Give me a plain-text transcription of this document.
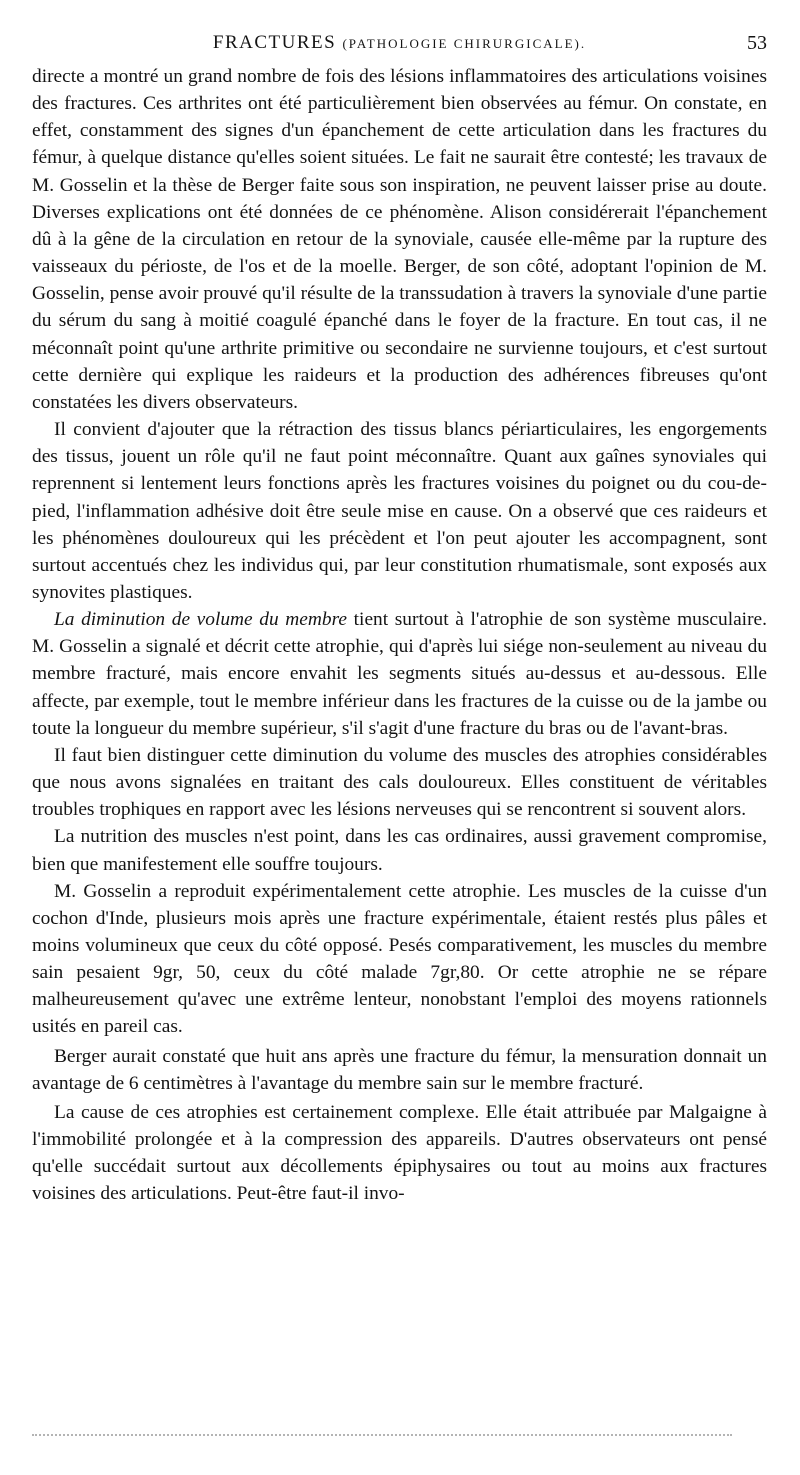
FRACTURES (PATHOLOGIE CHIRURGICALE).	53

directe a montré un grand nombre de fois des lésions inflammatoires des articulations voisines des fractures. Ces arthrites ont été particulièrement bien observées au fémur. On constate, en effet, constamment des signes d'un épanchement de cette articulation dans les fractures du fémur, à quelque distance qu'elles soient situées. Le fait ne saurait être contesté; les travaux de M. Gosselin et la thèse de Berger faite sous son inspiration, ne peuvent laisser prise au doute. Diverses explications ont été données de ce phénomène. Alison considérerait l'épanchement dû à la gêne de la circulation en retour de la synoviale, causée elle-même par la rupture des vaisseaux du périoste, de l'os et de la moelle. Berger, de son côté, adoptant l'opinion de M. Gosselin, pense avoir prouvé qu'il résulte de la transsudation à travers la synoviale d'une partie du sérum du sang à moitié coagulé épanché dans le foyer de la fracture. En tout cas, il ne méconnaît point qu'une arthrite primitive ou secondaire ne survienne toujours, et c'est surtout cette dernière qui explique les raideurs et la production des adhérences fibreuses qu'ont constatées les divers observateurs.

Il convient d'ajouter que la rétraction des tissus blancs périarticulaires, les engorgements des tissus, jouent un rôle qu'il ne faut point méconnaître. Quant aux gaînes synoviales qui reprennent si lentement leurs fonctions après les fractures voisines du poignet ou du cou-de-pied, l'inflammation adhésive doit être seule mise en cause. On a observé que ces raideurs et les phénomènes douloureux qui les précèdent et l'on peut ajouter les accompagnent, sont surtout accentués chez les individus qui, par leur constitution rhumatismale, sont exposés aux synovites plastiques.

La diminution de volume du membre tient surtout à l'atrophie de son système musculaire. M. Gosselin a signalé et décrit cette atrophie, qui d'après lui siége non-seulement au niveau du membre fracturé, mais encore envahit les segments situés au-dessus et au-dessous. Elle affecte, par exemple, tout le membre inférieur dans les fractures de la cuisse ou de la jambe ou toute la longueur du membre supérieur, s'il s'agit d'une fracture du bras ou de l'avant-bras.

Il faut bien distinguer cette diminution du volume des muscles des atrophies considérables que nous avons signalées en traitant des cals douloureux. Elles constituent de véritables troubles trophiques en rapport avec les lésions nerveuses qui se rencontrent si souvent alors.

La nutrition des muscles n'est point, dans les cas ordinaires, aussi gravement compromise, bien que manifestement elle souffre toujours.

M. Gosselin a reproduit expérimentalement cette atrophie. Les muscles de la cuisse d'un cochon d'Inde, plusieurs mois après une fracture expérimentale, étaient restés plus pâles et moins volumineux que ceux du côté opposé. Pesés comparativement, les muscles du membre sain pesaient 9gr, 50, ceux du côté malade 7gr,80. Or cette atrophie ne se répare malheureusement qu'avec une extrême lenteur, nonobstant l'emploi des moyens rationnels usités en pareil cas.

Berger aurait constaté que huit ans après une fracture du fémur, la mensuration donnait un avantage de 6 centimètres à l'avantage du membre sain sur le membre fracturé.

La cause de ces atrophies est certainement complexe. Elle était attribuée par Malgaigne à l'immobilité prolongée et à la compression des appareils. D'autres observateurs ont pensé qu'elle succédait surtout aux décollements épiphysaires ou tout au moins aux fractures voisines des articulations. Peut-être faut-il invo-
